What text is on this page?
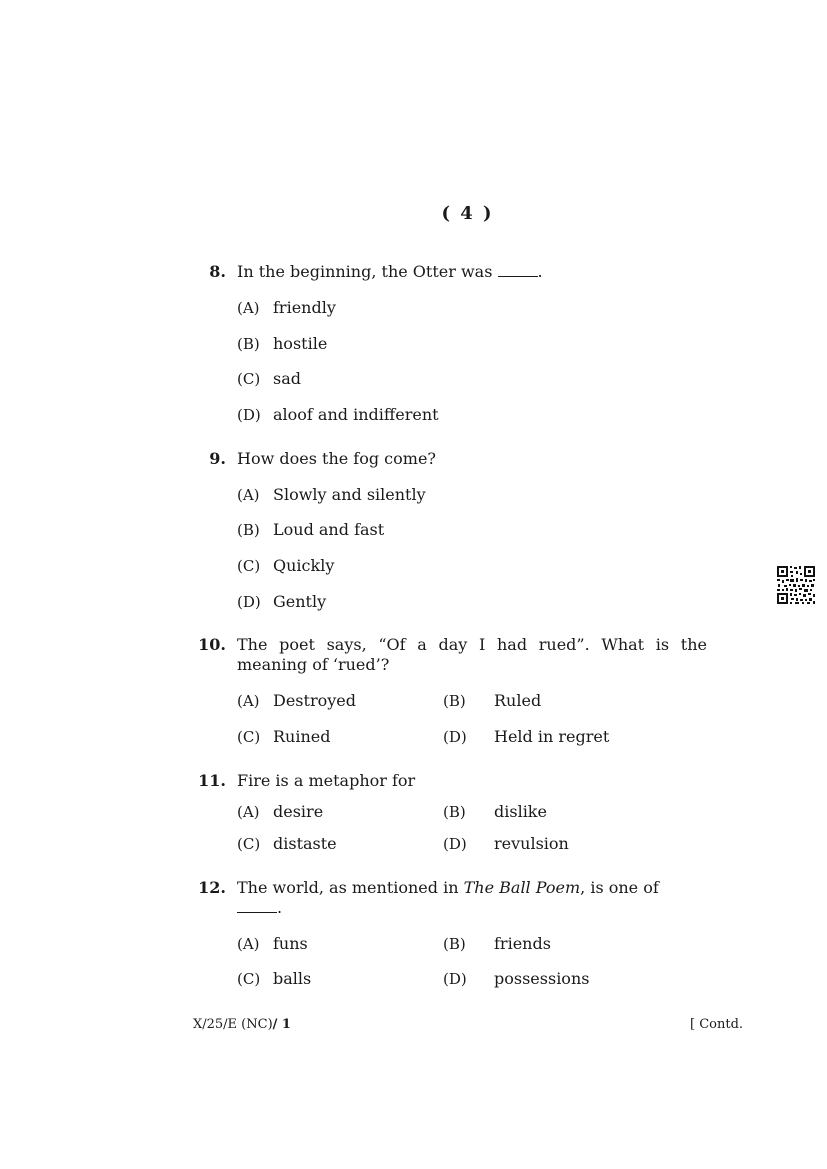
( 4 )
8. In the beginning, the Otter was	.
(A) friendly
(B) hostile
(C) sad
(D) aloof and indifferent
9. How does the fog come?
(A) Slowly and silently
(B) Loud and fast
(C) Quickly
(D) Gently
10. The poet says, “Of a day I had rued”. What is the meaning of ‘rued’?
(A) Destroyed	(B) Ruled
(C) Ruined	(D) Held in regret
11. Fire is a metaphor for
(A) desire	(B) dislike
(C) distaste	(D) revulsion
12. The world, as mentioned in The Ball Poem, is one of
.
(A) funs	(B) friends
(C) balls	(D) possessions
X/25/E (NC)/ 1	[ Contd.
